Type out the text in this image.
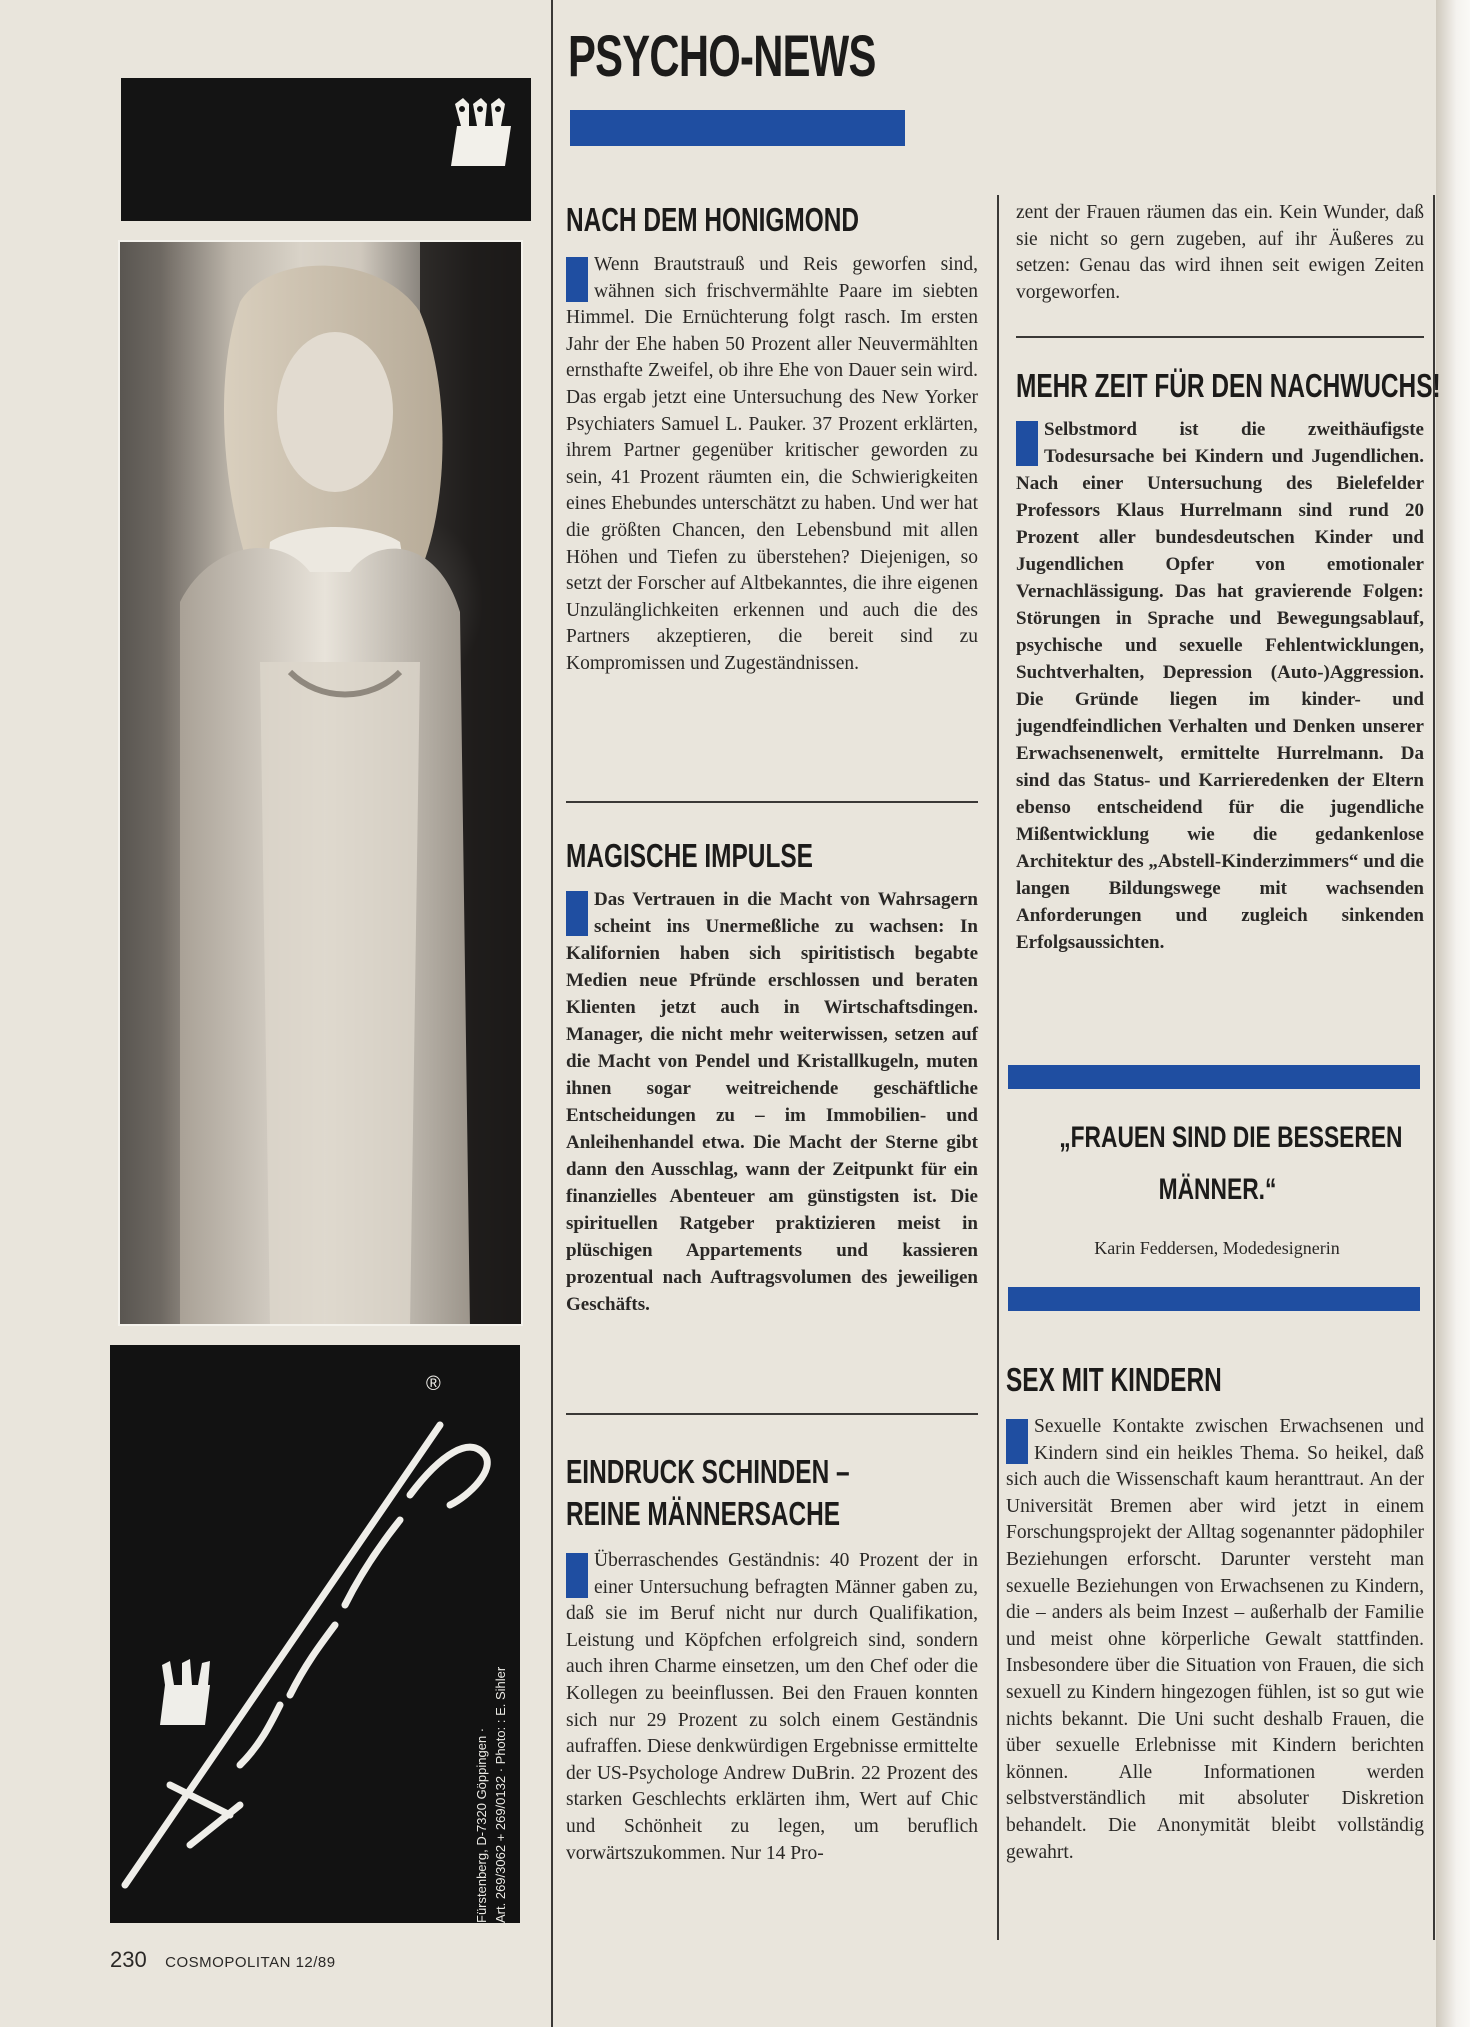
®
Fürstenberg, D-7320 Göppingen · Art. 269/3062 + 269/0132 · Photo: : E. Sihler
230 COSMOPOLITAN 12/89
PSYCHO-NEWS
NACH DEM HONIGMOND

Wenn Brautstrauß und Reis geworfen sind, wähnen sich frischvermählte Paare im siebten Himmel. Die Ernüchterung folgt rasch. Im ersten Jahr der Ehe haben 50 Prozent aller Neuvermählten ernsthafte Zweifel, ob ihre Ehe von Dauer sein wird. Das ergab jetzt eine Untersuchung des New Yorker Psychiaters Samuel L. Pauker. 37 Prozent erklärten, ihrem Partner gegenüber kritischer geworden zu sein, 41 Prozent räumten ein, die Schwierigkeiten eines Ehebundes unterschätzt zu haben. Und wer hat die größten Chancen, den Lebensbund mit allen Höhen und Tiefen zu überstehen? Diejenigen, so setzt der Forscher auf Altbekanntes, die ihre eigenen Unzulänglichkeiten erkennen und auch die des Partners akzeptieren, die bereit sind zu Kompromissen und Zugeständnissen.

MAGISCHE IMPULSE

Das Vertrauen in die Macht von Wahrsagern scheint ins Unermeßliche zu wachsen: In Kalifornien haben sich spiritistisch begabte Medien neue Pfründe erschlossen und beraten Klienten jetzt auch in Wirtschaftsdingen. Manager, die nicht mehr weiterwissen, setzen auf die Macht von Pendel und Kristallkugeln, muten ihnen sogar weitreichende geschäftliche Entscheidungen zu – im Immobilien- und Anleihenhandel etwa. Die Macht der Sterne gibt dann den Ausschlag, wann der Zeitpunkt für ein finanzielles Abenteuer am günstigsten ist. Die spirituellen Ratgeber praktizieren meist in plüschigen Appartements und kassieren prozentual nach Auftragsvolumen des jeweiligen Geschäfts.

EINDRUCK SCHINDEN –
REINE MÄNNERSACHE

Überraschendes Geständnis: 40 Prozent der in einer Untersuchung befragten Männer gaben zu, daß sie im Beruf nicht nur durch Qualifikation, Leistung und Köpfchen erfolgreich sind, sondern auch ihren Charme einsetzen, um den Chef oder die Kollegen zu beeinflussen. Bei den Frauen konnten sich nur 29 Prozent zu solch einem Geständnis aufraffen. Diese denkwürdigen Ergebnisse ermittelte der US-Psychologe Andrew DuBrin. 22 Prozent des starken Geschlechts erklärten ihm, Wert auf Chic und Schönheit zu legen, um beruflich vorwärtszukommen. Nur 14 Pro-

zent der Frauen räumen das ein. Kein Wunder, daß sie nicht so gern zugeben, auf ihr Äußeres zu setzen: Genau das wird ihnen seit ewigen Zeiten vorgeworfen.

MEHR ZEIT FÜR DEN NACHWUCHS!

Selbstmord ist die zweithäufigste Todesursache bei Kindern und Jugendlichen. Nach einer Untersuchung des Bielefelder Professors Klaus Hurrelmann sind rund 20 Prozent aller bundesdeutschen Kinder und Jugendlichen Opfer von emotionaler Vernachlässigung. Das hat gravierende Folgen: Störungen in Sprache und Bewegungsablauf, psychische und sexuelle Fehlentwicklungen, Suchtverhalten, Depression (Auto-)Aggression. Die Gründe liegen im kinder- und jugendfeindlichen Verhalten und Denken unserer Erwachsenenwelt, ermittelte Hurrelmann. Da sind das Status- und Karrieredenken der Eltern ebenso entscheidend für die jugendliche Mißentwicklung wie die gedankenlose Architektur des „Abstell-Kinderzimmers“ und die langen Bildungswege mit wachsenden Anforderungen und zugleich sinkenden Erfolgsaussichten.

„FRAUEN SIND DIE BESSEREN
MÄNNER.“
Karin Feddersen, Modedesignerin
SEX MIT KINDERN

Sexuelle Kontakte zwischen Erwachsenen und Kindern sind ein heikles Thema. So heikel, daß sich auch die Wissenschaft kaum heranttraut. An der Universität Bremen aber wird jetzt in einem Forschungsprojekt der Alltag sogenannter pädophiler Beziehungen erforscht. Darunter versteht man sexuelle Beziehungen von Erwachsenen zu Kindern, die – anders als beim Inzest – außerhalb der Familie und meist ohne körperliche Gewalt stattfinden. Insbesondere über die Situation von Frauen, die sich sexuell zu Kindern hingezogen fühlen, ist so gut wie nichts bekannt. Die Uni sucht deshalb Frauen, die über sexuelle Erlebnisse mit Kindern berichten können. Alle Informationen werden selbstverständlich mit absoluter Diskretion behandelt. Die Anonymität bleibt vollständig gewahrt.
